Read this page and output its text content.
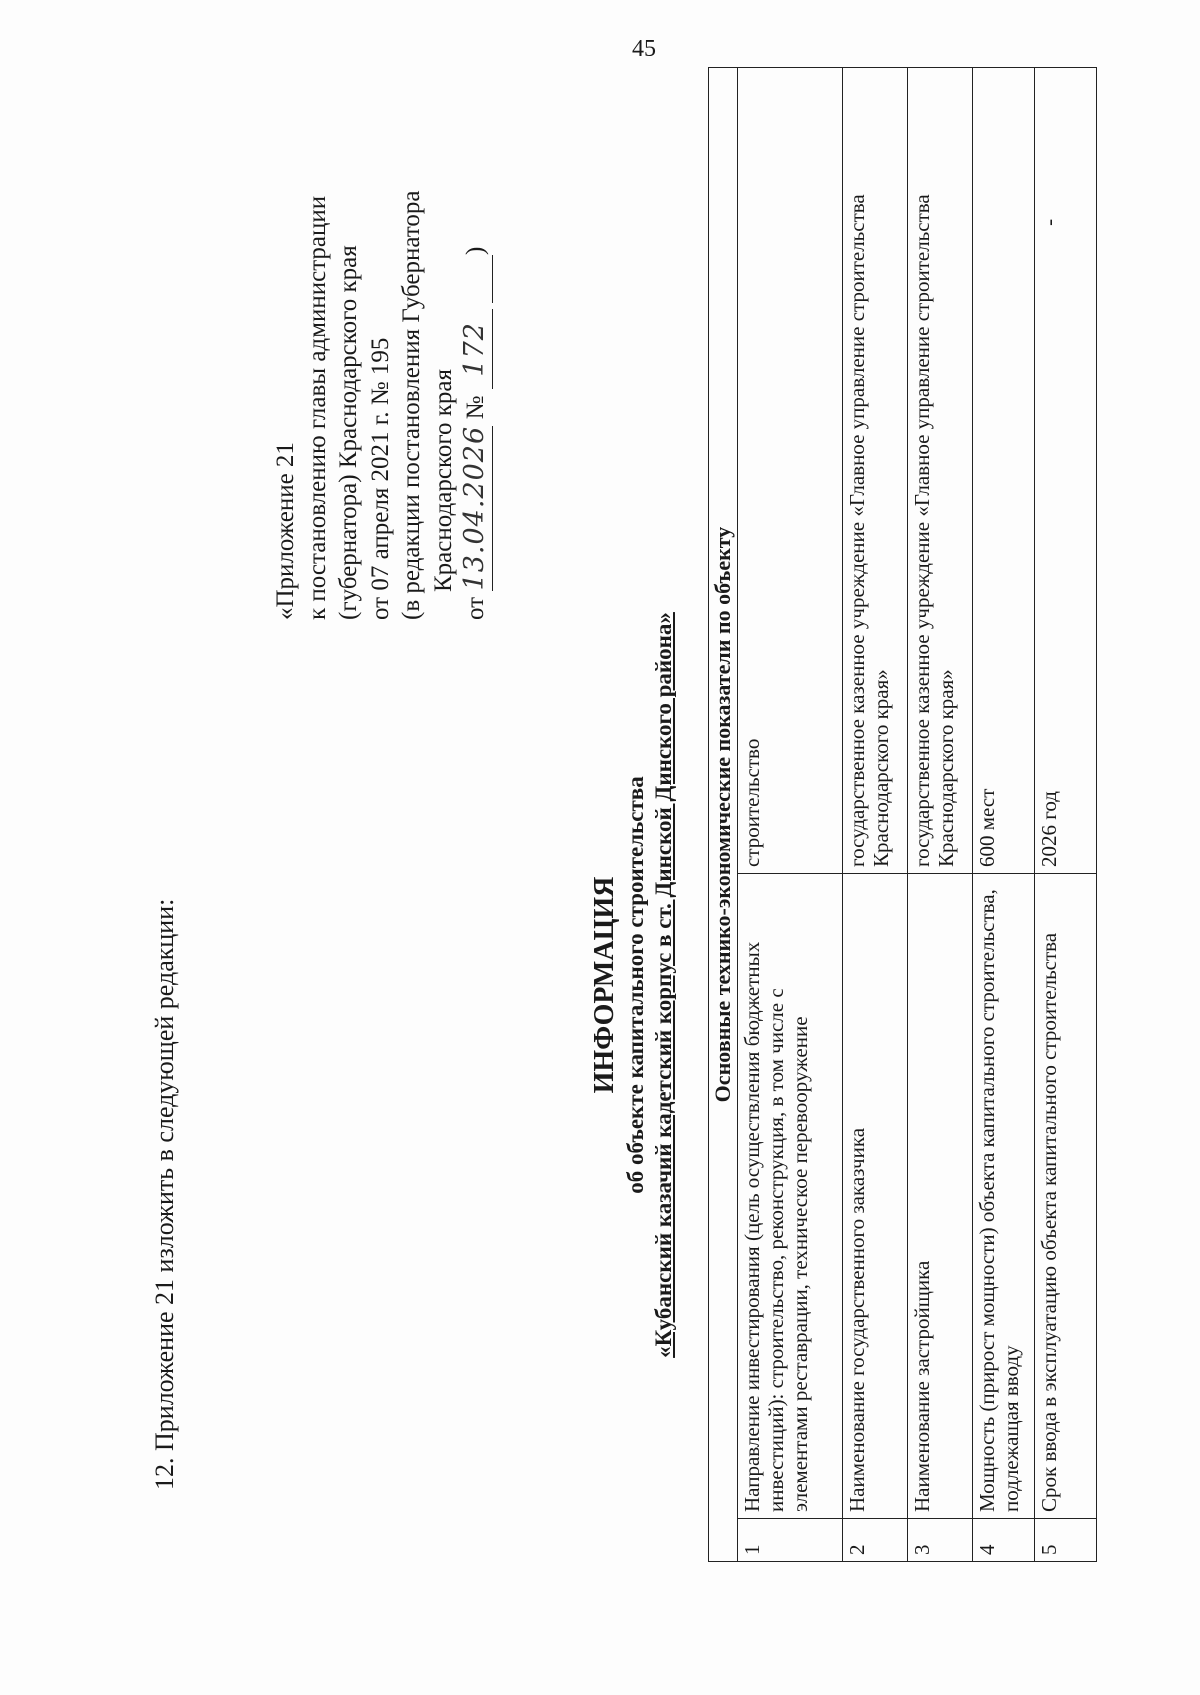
45
12. Приложение 21 изложить в следующей редакции:
«Приложение 21 к постановлению главы администрации (губернатора) Краснодарского края от 07 апреля 2021 г. № 195 (в редакции постановления Губернатора Краснодарского края
от 13.04.2026 № 172  )
ИНФОРМАЦИЯ об объекте капитального строительства «Кубанский казачий кадетский корпус в ст. Динской Динского района» Основные технико-экономические показатели по объекту		
1	Направление инвестирования (цель осуществления бюджетных инвестиций): строительство, реконструкция, в том числе с элементами реставрации, техническое перевооружение	строительство
2	Наименование государственного заказчика	государственное казенное учреждение «Главное управление строительства Краснодарского края»
3	Наименование застройщика	государственное казенное учреждение «Главное управление строительства Краснодарского края»
4	Мощность (прирост мощности) объекта капитального строительства, подлежащая вводу	600 мест
5	Срок ввода в эксплуатацию объекта капитального строительства	2026 год -
